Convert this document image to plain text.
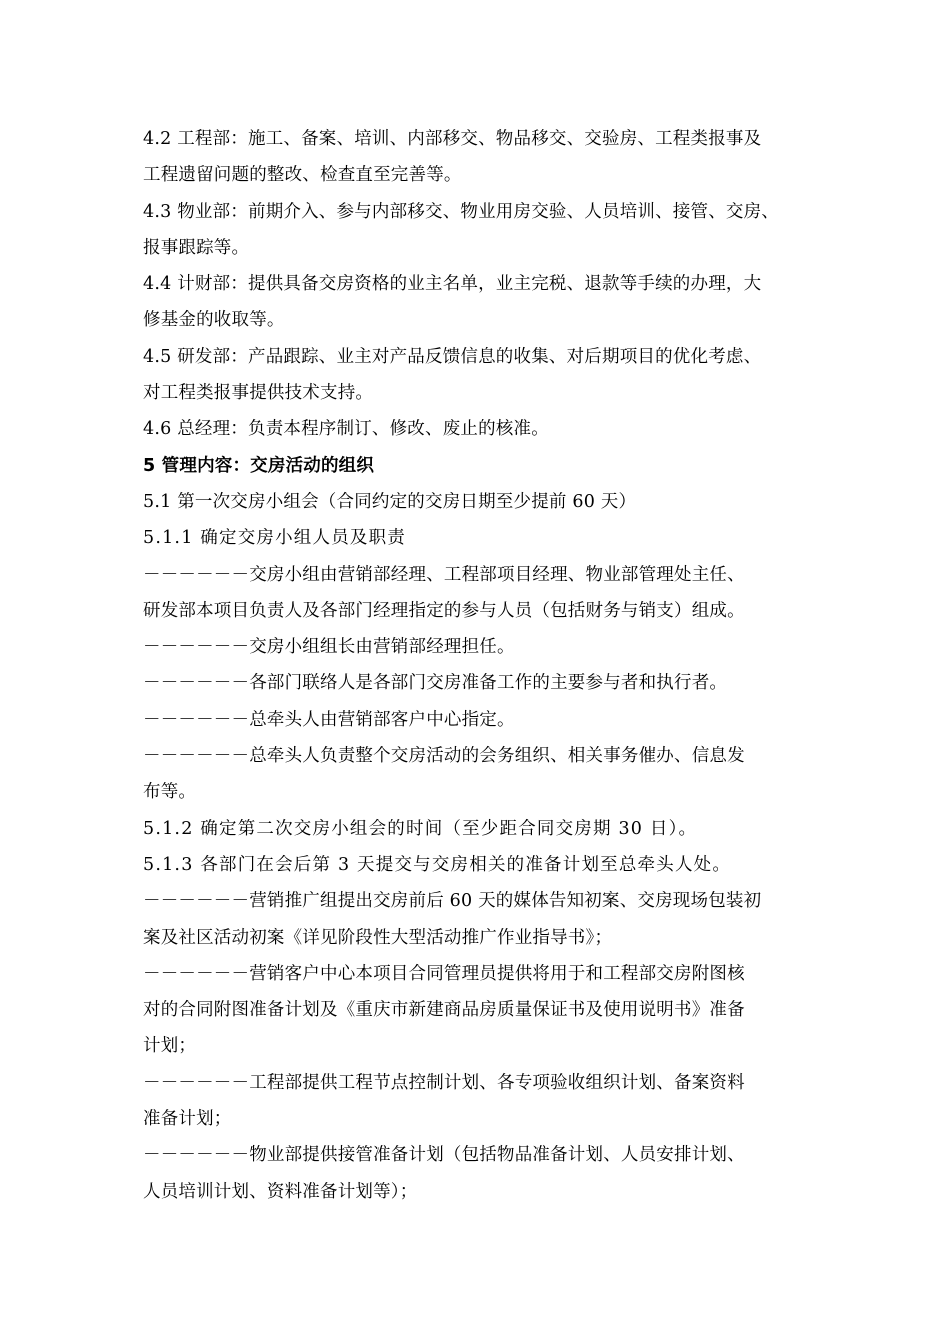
4.2 工程部：施工、备案、培训、内部移交、物品移交、交验房、工程类报事及
工程遗留问题的整改、检查直至完善等。
4.3 物业部：前期介入、参与内部移交、物业用房交验、人员培训、接管、交房、
报事跟踪等。
4.4 计财部：提供具备交房资格的业主名单，业主完税、退款等手续的办理，大
修基金的收取等。
4.5 研发部：产品跟踪、业主对产品反馈信息的收集、对后期项目的优化考虑、
对工程类报事提供技术支持。
4.6 总经理：负责本程序制订、修改、废止的核准。
5 管理内容：交房活动的组织
5.1 第一次交房小组会（合同约定的交房日期至少提前 60 天）
5.1.1 确定交房小组人员及职责
－－－－－－交房小组由营销部经理、工程部项目经理、物业部管理处主任、
研发部本项目负责人及各部门经理指定的参与人员（包括财务与销支）组成。
－－－－－－交房小组组长由营销部经理担任。
－－－－－－各部门联络人是各部门交房准备工作的主要参与者和执行者。
－－－－－－总牵头人由营销部客户中心指定。
－－－－－－总牵头人负责整个交房活动的会务组织、相关事务催办、信息发
布等。
5.1.2 确定第二次交房小组会的时间（至少距合同交房期 30 日）。
5.1.3 各部门在会后第 3 天提交与交房相关的准备计划至总牵头人处。
－－－－－－营销推广组提出交房前后 60 天的媒体告知初案、交房现场包装初
案及社区活动初案《详见阶段性大型活动推广作业指导书》；
－－－－－－营销客户中心本项目合同管理员提供将用于和工程部交房附图核
对的合同附图准备计划及《重庆市新建商品房质量保证书及使用说明书》准备
计划；
－－－－－－工程部提供工程节点控制计划、各专项验收组织计划、备案资料
准备计划；
－－－－－－物业部提供接管准备计划（包括物品准备计划、人员安排计划、
人员培训计划、资料准备计划等）；
